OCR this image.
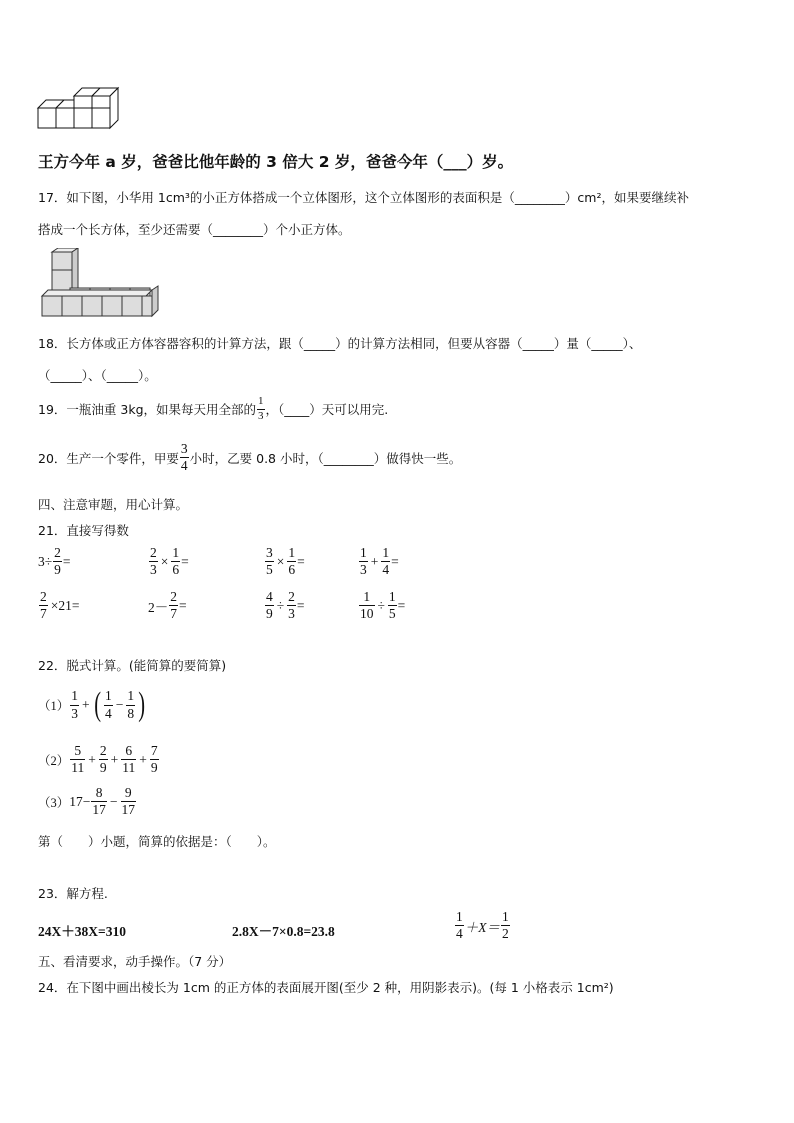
王方今年 a 岁，爸爸比他年龄的 3 倍大 2 岁，爸爸今年（___）岁。
17．如下图，小华用 1cm³的小正方体搭成一个立体图形，这个立体图形的表面积是（________）cm²，如果要继续补
搭成一个长方体，至少还需要（________）个小正方体。
18．长方体或正方体容器容积的计算方法，跟（_____）的计算方法相同，但要从容器（_____）量（_____）、
（_____）、（_____）。
19．一瓶油重 3kg，如果每天用全部的 $\frac{1}{3}$ ，（____）天可以用完.
20．生产一个零件，甲要 $\frac{3}{4}$ 小时，乙要 0.8 小时，（________）做得快一些。
四、注意审题，用心计算。
21．直接写得数
$3\div \frac{2}{9}$ =	$\frac{2}{3} \times \frac{1}{6}$ =	$\frac{3}{5} \times \frac{1}{6}$ =	$\frac{1}{3} + \frac{1}{4}$ =
$\frac{2}{7} \times 21=$	$2- \frac{2}{7}$ =	$\frac{4}{9} \div \frac{2}{3}$ =	$\frac{1}{10} \div \frac{1}{5}$ =
22．脱式计算。(能简算的要简算)
$(1) \frac{1}{3}$ + ( $\frac{1}{4} - \frac{1}{8}$ )
$(2) \frac{5}{11} + \frac{2}{9} + \frac{6}{11} + \frac{7}{9}$
（3） $17- \frac{8}{17} - \frac{9}{17}$
第（　　）小题，简算的依据是：（　　）。
23．解方程.
24X＋38X=310	2.8X－7×0.8=23.8	$\frac{1}{4} +X= \frac{1}{2}$
五、看清要求，动手操作。（7 分）
24．在下图中画出棱长为 1cm 的正方体的表面展开图(至少 2 种，用阴影表示)。(每 1 小格表示 1cm²)
